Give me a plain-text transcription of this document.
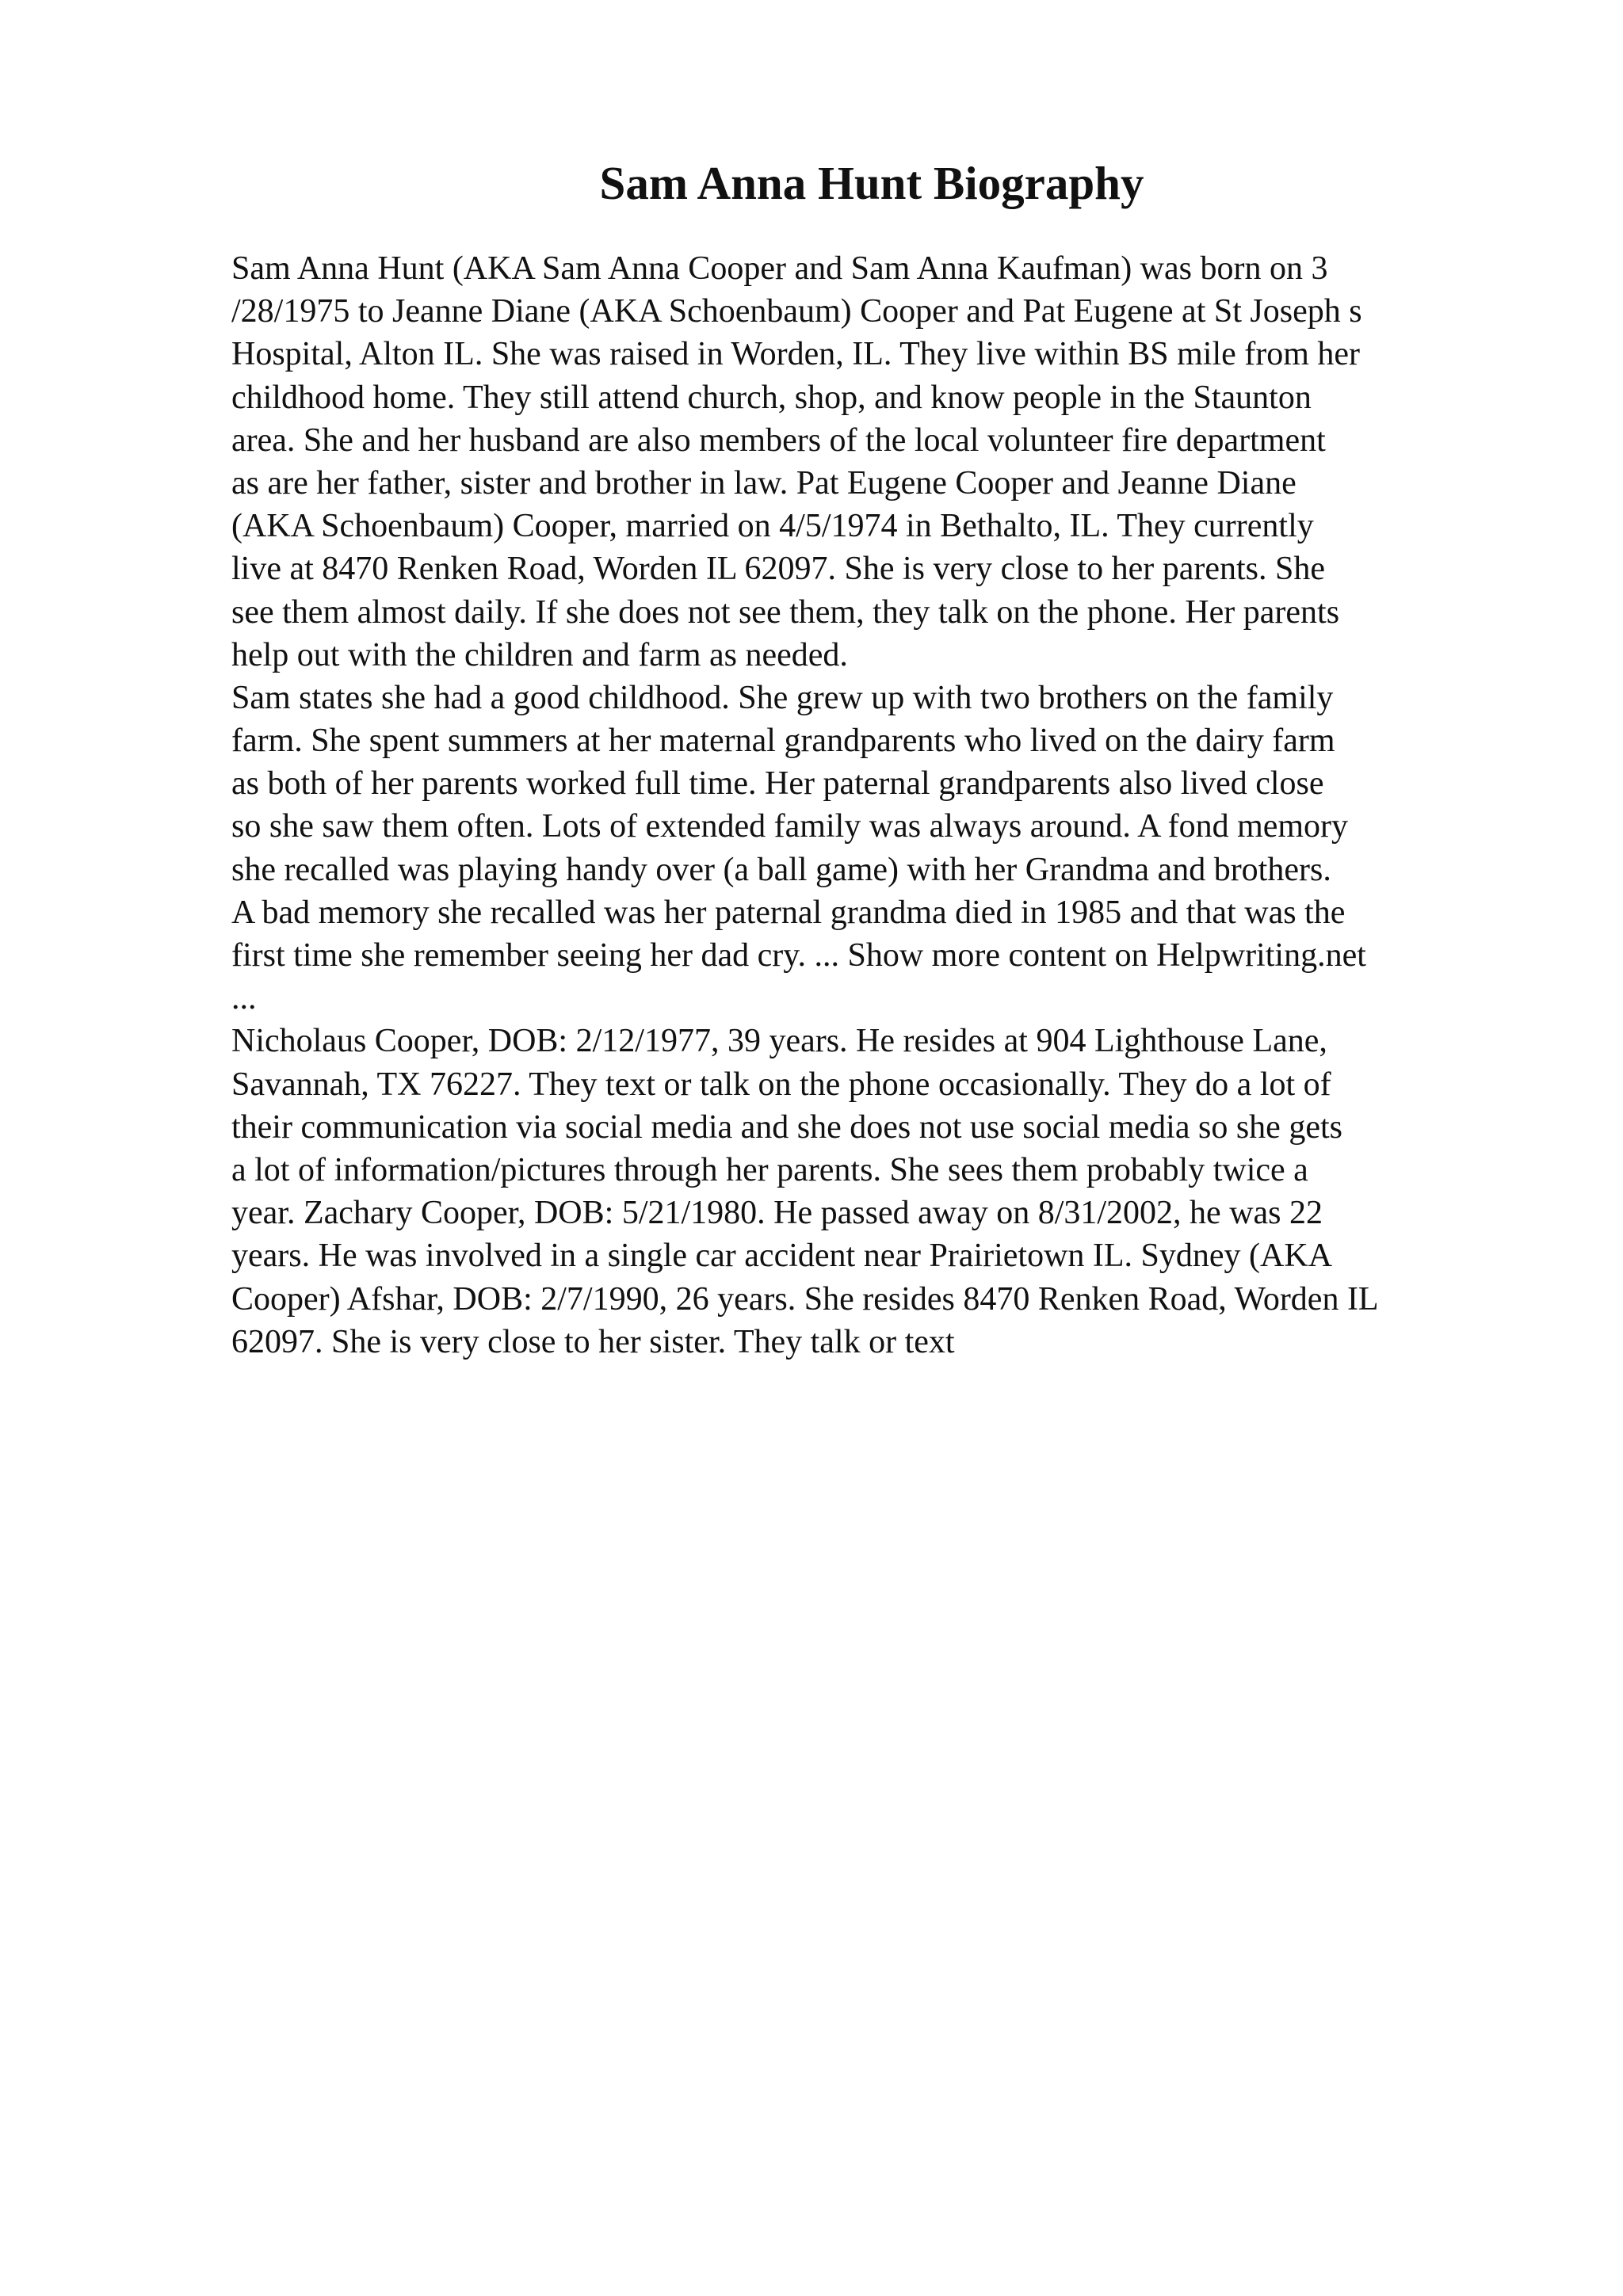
Sam Anna Hunt Biography
Sam Anna Hunt (AKA Sam Anna Cooper and Sam Anna Kaufman) was born on 3
/28/1975 to Jeanne Diane (AKA Schoenbaum) Cooper and Pat Eugene at St Joseph s
Hospital, Alton IL. She was raised in Worden, IL. They live within BS mile from her
childhood home. They still attend church, shop, and know people in the Staunton
area. She and her husband are also members of the local volunteer fire department
as are her father, sister and brother in law. Pat Eugene Cooper and Jeanne Diane
(AKA Schoenbaum) Cooper, married on 4/5/1974 in Bethalto, IL. They currently
live at 8470 Renken Road, Worden IL 62097. She is very close to her parents. She
see them almost daily. If she does not see them, they talk on the phone. Her parents
help out with the children and farm as needed.
Sam states she had a good childhood. She grew up with two brothers on the family
farm. She spent summers at her maternal grandparents who lived on the dairy farm
as both of her parents worked full time. Her paternal grandparents also lived close
so she saw them often. Lots of extended family was always around. A fond memory
she recalled was playing handy over (a ball game) with her Grandma and brothers.
A bad memory she recalled was her paternal grandma died in 1985 and that was the
first time she remember seeing her dad cry. ... Show more content on Helpwriting.net
...
Nicholaus Cooper, DOB: 2/12/1977, 39 years. He resides at 904 Lighthouse Lane,
Savannah, TX 76227. They text or talk on the phone occasionally. They do a lot of
their communication via social media and she does not use social media so she gets
a lot of information/pictures through her parents. She sees them probably twice a
year. Zachary Cooper, DOB: 5/21/1980. He passed away on 8/31/2002, he was 22
years. He was involved in a single car accident near Prairietown IL. Sydney (AKA
Cooper) Afshar, DOB: 2/7/1990, 26 years. She resides 8470 Renken Road, Worden IL
62097. She is very close to her sister. They talk or text
